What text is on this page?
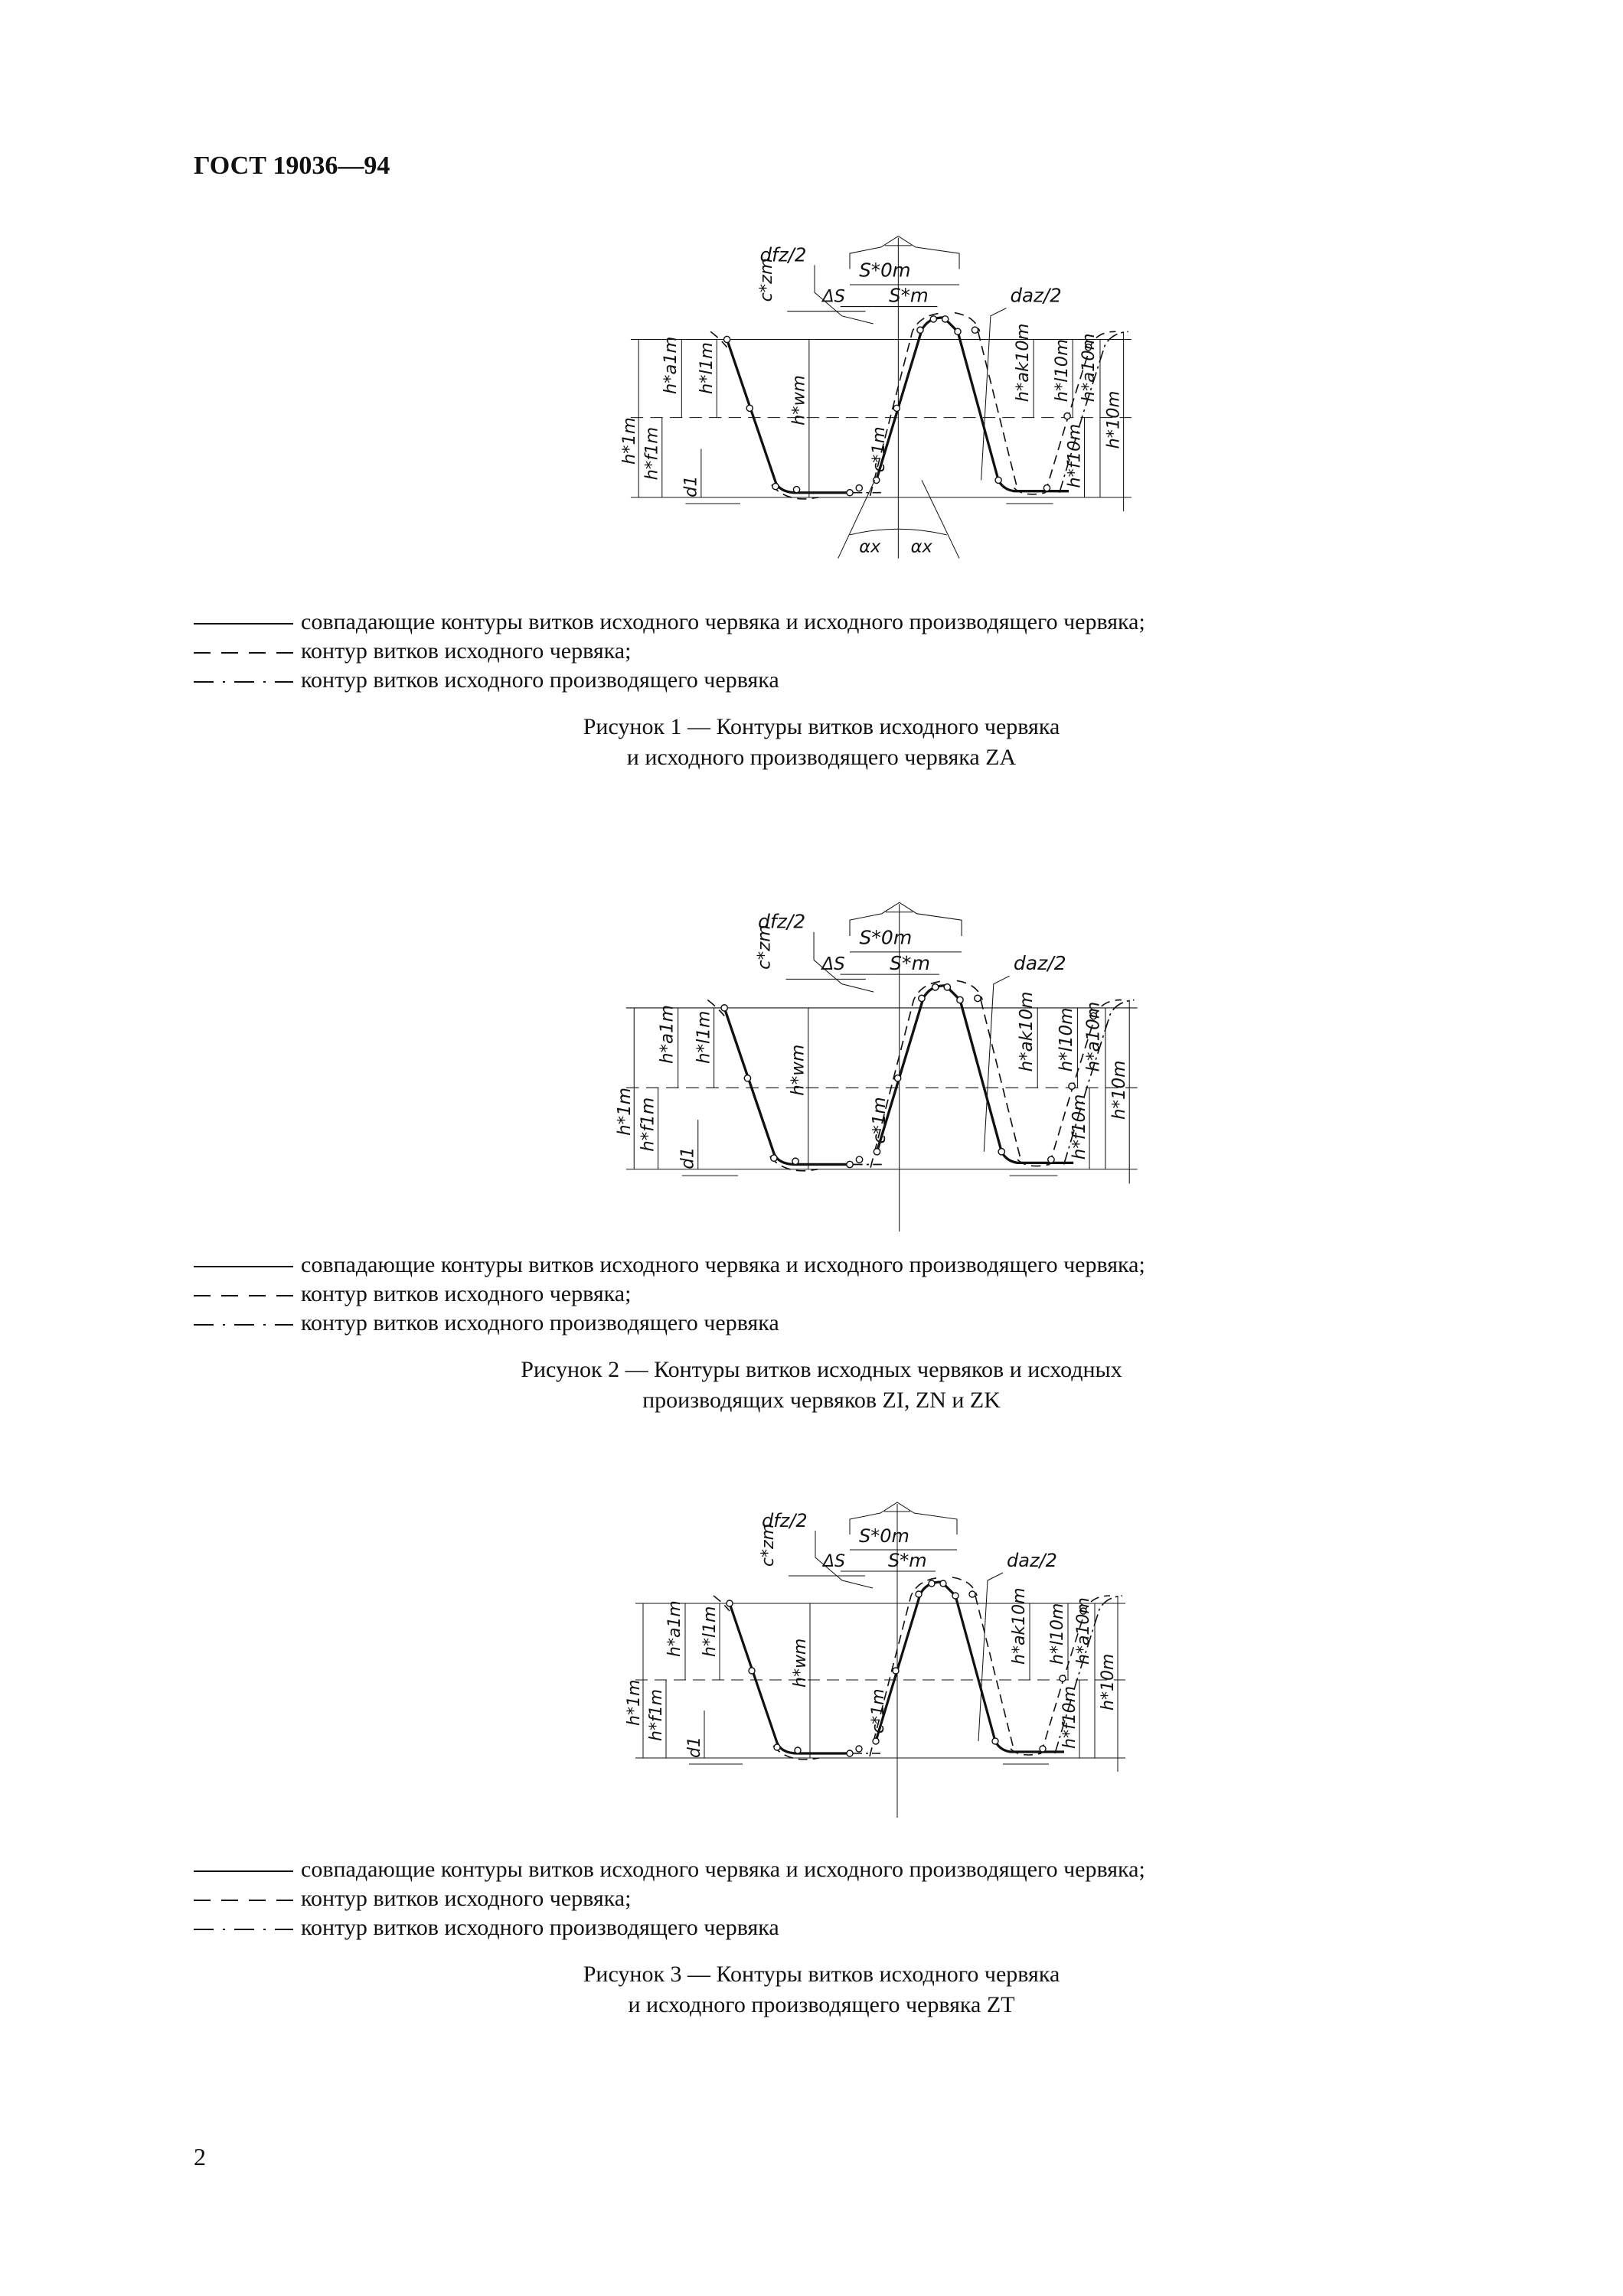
ГОСТ 19036—94
dfz/2
S*0m
S*m
ΔS	daz/2
c*zm
h*1m
h*a1m h*l1m
h*f1m
h*wm
d1
c*1m
h*ak10m h*l10m h*a10m
h*f10m
h*10m
αx αx
совпадающие контуры витков исходного червяка и исходного производящего червяка;
контур витков исходного червяка;
контур витков исходного производящего червяка
Рисунок 1 — Контуры витков исходного червяка
и исходного производящего червяка ZA
dfz/2
S*0m
S*m
ΔS	daz/2
c*zm
h*1m
h*a1m h*l1m
h*f1m
h*wm
d1
c*1m
h*ak10m h*l10m h*a10m
h*f10m
h*10m
совпадающие контуры витков исходного червяка и исходного производящего червяка;
контур витков исходного червяка;
контур витков исходного производящего червяка
Рисунок 2 — Контуры витков исходных червяков и исходных
производящих червяков ZI, ZN и ZK
dfz/2
S*0m
S*m
ΔS	daz/2
c*zm
h*1m
h*a1m h*l1m
h*f1m
h*wm
d1
c*1m
h*ak10m h*l10m h*a10m
h*f10m
h*10m
совпадающие контуры витков исходного червяка и исходного производящего червяка;
контур витков исходного червяка;
контур витков исходного производящего червяка
Рисунок 3 — Контуры витков исходного червяка
и исходного производящего червяка ZT
2
